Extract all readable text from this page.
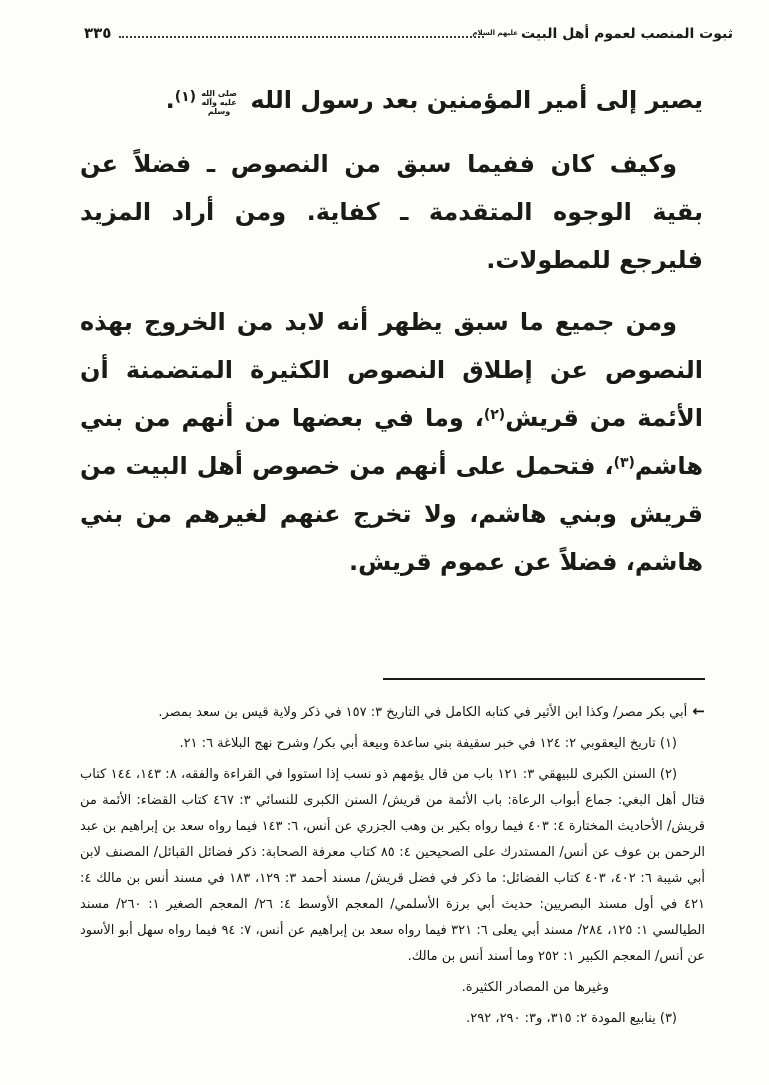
ثبوت المنصب لعموم أهل البيت
عليهم السلام
٣٣٥

يصير إلى أمير المؤمنين بعد رسول الله صلى الله عليه وآله وسلم$^{(١)}$.

وكيف كان ففيما سبق من النصوص ـ فضلاً عن بقية الوجوه المتقدمة ـ كفاية. ومن أراد المزيد فليرجع للمطولات.

ومن جميع ما سبق يظهر أنه لابد من الخروج بهذه النصوص عن إطلاق النصوص الكثيرة المتضمنة أن الأئمة من قريش$^{(٢)}$، وما في بعضها من أنهم من بني هاشم$^{(٣)}$، فتحمل على أنهم من خصوص أهل البيت من قريش وبني هاشم، ولا تخرج عنهم لغيرهم من بني هاشم، فضلاً عن عموم قريش.

← أبي بكر مصر/ وكذا ابن الأثير في كتابه الكامل في التاريخ ٣: ١٥٧ في ذكر ولاية قيس بن سعد بمصر.

(١) تاريخ اليعقوبي ٢: ١٢٤ في خبر سقيفة بني ساعدة وبيعة أبي بكر/ وشرح نهج البلاغة ٦: ٢١.

(٢) السنن الكبرى للبيهقي ٣: ١٢١ باب من قال يؤمهم ذو نسب إذا استووا في القراءة والفقه، ٨: ١٤٣، ١٤٤ كتاب قتال أهل البغي: جماع أبواب الرعاة: باب الأئمة من قريش/ السنن الكبرى للنسائي ٣: ٤٦٧ كتاب القضاء: الأئمة من قريش/ الأحاديث المختارة ٤: ٤٠٣ فيما رواه بكير بن وهب الجزري عن أنس، ٦: ١٤٣ فيما رواه سعد بن إبراهيم بن عبد الرحمن بن عوف عن أنس/ المستدرك على الصحيحين ٤: ٨٥ كتاب معرفة الصحابة: ذكر فضائل القبائل/ المصنف لابن أبي شيبة ٦: ٤٠٢، ٤٠٣ كتاب الفضائل: ما ذكر في فضل قريش/ مسند أحمد ٣: ١٢٩، ١٨٣ في مسند أنس بن مالك ٤: ٤٢١ في أول مسند البصريين: حديث أبي برزة الأسلمي/ المعجم الأوسط ٤: ٢٦/ المعجم الصغير ١: ٢٦٠/ مسند الطيالسي ١: ١٢٥، ٢٨٤/ مسند أبي يعلى ٦: ٣٢١ فيما رواه سعد بن إبراهيم عن أنس، ٧: ٩٤ فيما رواه سهل أبو الأسود عن أنس/ المعجم الكبير ١: ٢٥٢ وما أسند أنس بن مالك.

وغيرها من المصادر الكثيرة.

(٣) ينابيع المودة ٢: ٣١٥، و٣: ٢٩٠، ٢٩٢.
